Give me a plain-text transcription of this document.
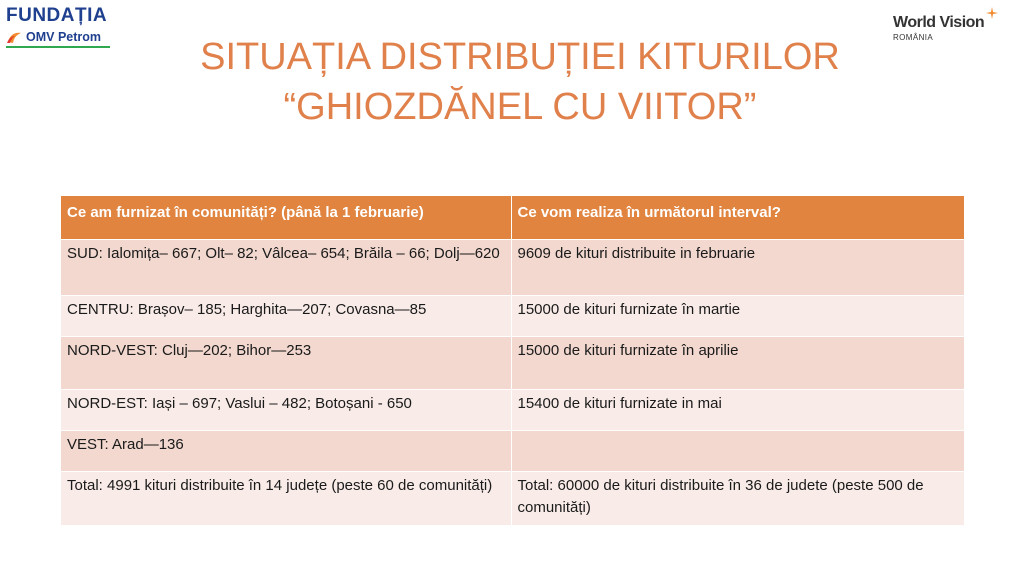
FUNDAȚIA
OMV Petrom
World Vision
ROMÂNIA
SITUAȚIA DISTRIBUȚIEI KITURILOR
“GHIOZDĂNEL CU VIITOR”
Ce am furnizat în comunități? (până la 1 februarie)	Ce vom realiza în următorul interval?
SUD: Ialomița– 667; Olt– 82; Vâlcea– 654; Brăila – 66; Dolj—620	9609 de kituri distribuite in februarie
CENTRU: Brașov– 185; Harghita—207; Covasna—85	15000 de kituri furnizate în martie
NORD-VEST: Cluj—202; Bihor—253	15000 de kituri furnizate în aprilie
NORD-EST: Iași – 697; Vaslui – 482; Botoșani - 650	15400 de kituri furnizate in mai
VEST: Arad—136	
Total: 4991 kituri distribuite în 14 județe (peste 60 de comunități)	Total: 60000 de kituri distribuite în 36 de judete (peste 500 de comunități)
